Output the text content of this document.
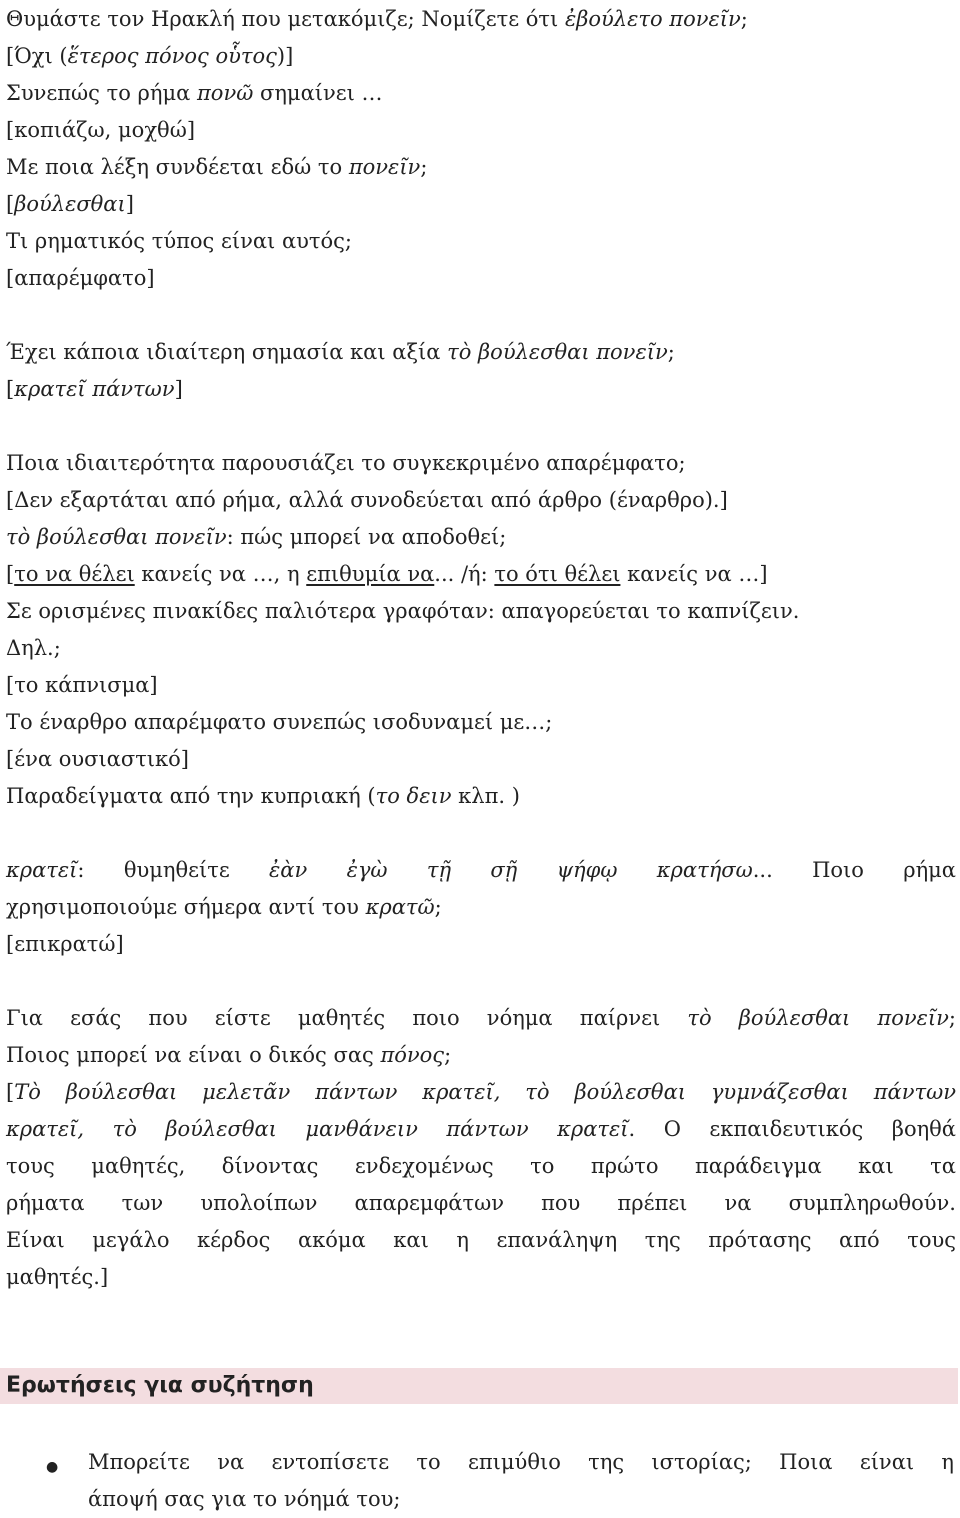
Θυμάστε τον Ηρακλή που μετακόμιζε; Νομίζετε ότι ἐβούλετο πονεῖν;
[Όχι (ἕτερος πόνος οὗτος)]
Συνεπώς το ρήμα πονῶ σημαίνει …
[κοπιάζω, μοχθώ]
Με ποια λέξη συνδέεται εδώ το πονεῖν;
[βούλεσθαι]
Τι ρηματικός τύπος είναι αυτός;
[απαρέμφατο]
Έχει κάποια ιδιαίτερη σημασία και αξία τὸ βούλεσθαι πονεῖν;
[κρατεῖ πάντων]
Ποια ιδιαιτερότητα παρουσιάζει το συγκεκριμένο απαρέμφατο;
[Δεν εξαρτάται από ρήμα, αλλά συνοδεύεται από άρθρο (έναρθρο).]
τὸ βούλεσθαι πονεῖν: πώς μπορεί να αποδοθεί;
[το να θέλει κανείς να …, η επιθυμία να... /ή: το ότι θέλει κανείς να …]
Σε ορισμένες πινακίδες παλιότερα γραφόταν: απαγορεύεται το καπνίζειν.
Δηλ.;
[το κάπνισμα]
Το έναρθρο απαρέμφατο συνεπώς ισοδυναμεί με…;
[ένα ουσιαστικό]
Παραδείγματα από την κυπριακή (το δειν κλπ. )
κρατεῖ: θυμηθείτε ἐὰν ἐγὼ τῇ σῇ ψήφῳ κρατήσω... Ποιο ρήμα
χρησιμοποιούμε σήμερα αντί του κρατῶ;
[επικρατώ]
Για εσάς που είστε μαθητές ποιο νόημα παίρνει τὸ βούλεσθαι πονεῖν;
Ποιος μπορεί να είναι ο δικός σας πόνος;
[Τὸ βούλεσθαι μελετᾶν πάντων κρατεῖ, τὸ βούλεσθαι γυμνάζεσθαι πάντων
κρατεῖ, τὸ βούλεσθαι μανθάνειν πάντων κρατεῖ. Ο εκπαιδευτικός βοηθά
τους μαθητές, δίνοντας ενδεχομένως το πρώτο παράδειγμα και τα
ρήματα των υπολοίπων απαρεμφάτων που πρέπει να συμπληρωθούν.
Είναι μεγάλο κέρδος ακόμα και η επανάληψη της πρότασης από τους
μαθητές.]
Ερωτήσεις για συζήτηση
● Μπορείτε να εντοπίσετε το επιμύθιο της ιστορίας; Ποια είναι η
άποψή σας για το νόημά του;
